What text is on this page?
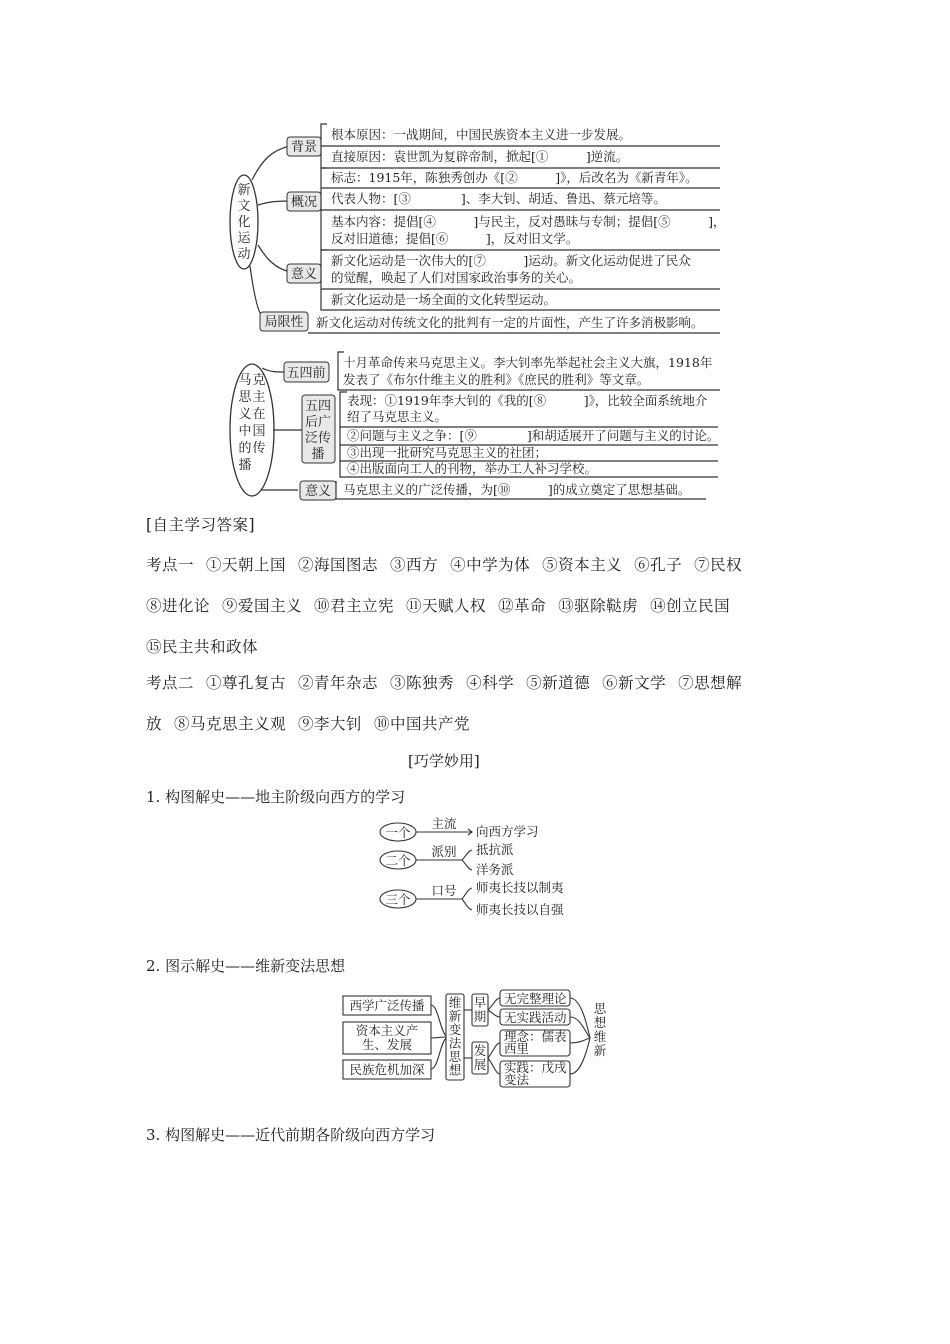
新
文
化
运
动
背景
概况
意义
局限性
根本原因：一战期间，中国民族资本主义进一步发展。
直接原因：袁世凯为复辟帝制，掀起[①　　　]逆流。
标志：1915年，陈独秀创办《[②　　　]》，后改名为《新青年》。
代表人物：[③　　　　]、李大钊、胡适、鲁迅、蔡元培等。
基本内容：提倡[④　　　]与民主，反对愚昧与专制；提倡[⑤　　　]，
反对旧道德；提倡[⑥　　　]，反对旧文学。
新文化运动是一次伟大的[⑦　　　]运动。新文化运动促进了民众
的觉醒，唤起了人们对国家政治事务的关心。
新文化运动是一场全面的文化转型运动。
新文化运动对传统文化的批判有一定的片面性，产生了许多消极影响。
马 克
思 主
义 在
中 国
的 传
播
五四前
五四
后广
泛传
播
意义
十月革命传来马克思主义。李大钊率先举起社会主义大旗，1918年
发表了《布尔什维主义的胜利》《庶民的胜利》等文章。
表现：①1919年李大钊的《我的[⑧　　　]》，比较全面系统地介
绍了马克思主义。
②问题与主义之争：[⑨　　　　]和胡适展开了问题与主义的讨论。
③出现一批研究马克思主义的社团；
④出版面向工人的刊物，举办工人补习学校。
马克思主义的广泛传播，为[⑩　　　]的成立奠定了思想基础。
[自主学习答案]
考点一 ①天朝上国 ②海国图志 ③西方 ④中学为体 ⑤资本主义 ⑥孔子 ⑦民权
⑧进化论 ⑨爱国主义 ⑩君主立宪 ⑪天赋人权 ⑫革命 ⑬驱除鞑虏 ⑭创立民国
⑮民主共和政体
考点二 ①尊孔复古 ②青年杂志 ③陈独秀 ④科学 ⑤新道德 ⑥新文学 ⑦思想解
放 ⑧马克思主义观 ⑨李大钊 ⑩中国共产党
[巧学妙用]
1. 构图解史——地主阶级向西方的学习
一个
二个
三个
主流
派别
口号
向西方学习
抵抗派
洋务派
师夷长技以制夷
师夷长技以自强
2. 图示解史——维新变法思想
西学广泛传播
资本主义产
生、发展
民族危机加深
维
新
变
法
思
想
早
期
发
展
无完整理论
无实践活动
理念：儒表
西里
实践：戊戌
变法
思
想
维
新
3. 构图解史——近代前期各阶级向西方学习
